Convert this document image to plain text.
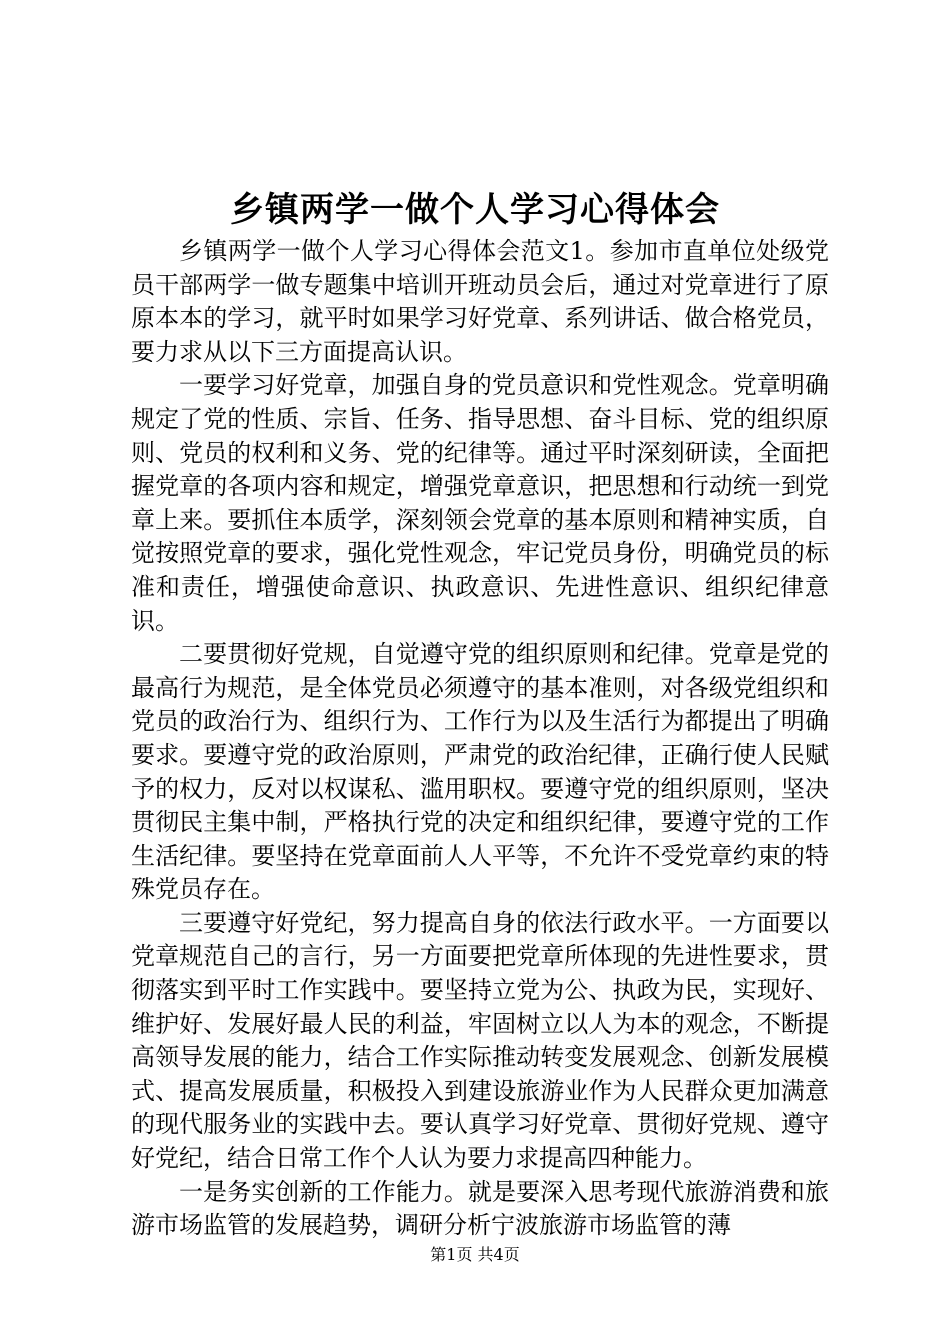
乡镇两学一做个人学习心得体会

乡镇两学一做个人学习心得体会范文1。参加市直单位处级党员干部两学一做专题集中培训开班动员会后，通过对党章进行了原原本本的学习，就平时如果学习好党章、系列讲话、做合格党员，要力求从以下三方面提高认识。

一要学习好党章，加强自身的党员意识和党性观念。党章明确规定了党的性质、宗旨、任务、指导思想、奋斗目标、党的组织原则、党员的权利和义务、党的纪律等。通过平时深刻研读，全面把握党章的各项内容和规定，增强党章意识，把思想和行动统一到党章上来。要抓住本质学，深刻领会党章的基本原则和精神实质，自觉按照党章的要求，强化党性观念，牢记党员身份，明确党员的标准和责任，增强使命意识、执政意识、先进性意识、组织纪律意识。

二要贯彻好党规，自觉遵守党的组织原则和纪律。党章是党的最高行为规范，是全体党员必须遵守的基本准则，对各级党组织和党员的政治行为、组织行为、工作行为以及生活行为都提出了明确要求。要遵守党的政治原则，严肃党的政治纪律，正确行使人民赋予的权力，反对以权谋私、滥用职权。要遵守党的组织原则，坚决贯彻民主集中制，严格执行党的决定和组织纪律，要遵守党的工作生活纪律。要坚持在党章面前人人平等，不允许不受党章约束的特殊党员存在。

三要遵守好党纪，努力提高自身的依法行政水平。一方面要以党章规范自己的言行，另一方面要把党章所体现的先进性要求，贯彻落实到平时工作实践中。要坚持立党为公、执政为民，实现好、维护好、发展好最人民的利益，牢固树立以人为本的观念，不断提高领导发展的能力，结合工作实际推动转变发展观念、创新发展模式、提高发展质量，积极投入到建设旅游业作为人民群众更加满意的现代服务业的实践中去。要认真学习好党章、贯彻好党规、遵守好党纪，结合日常工作个人认为要力求提高四种能力。

一是务实创新的工作能力。就是要深入思考现代旅游消费和旅游市场监管的发展趋势，调研分析宁波旅游市场监管的薄

第1页 共4页
